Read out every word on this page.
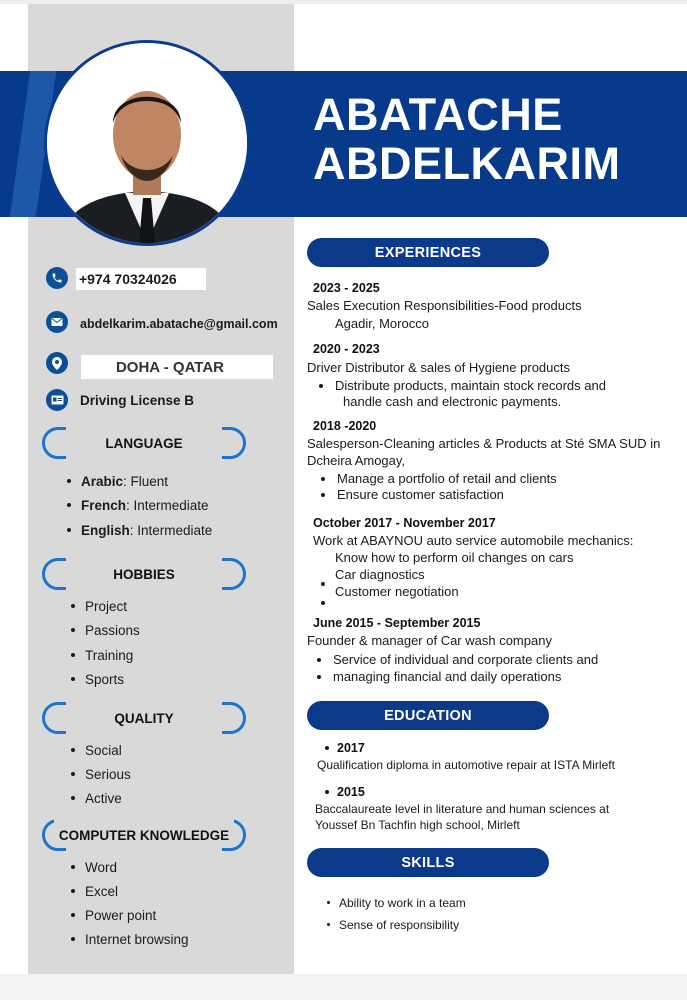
ABATACHE
ABDELKARIM
+974 70324026
abdelkarim.abatache@gmail.com
DOHA - QATAR
Driving License B
LANGUAGE
Arabic: Fluent
French: Intermediate
English: Intermediate
HOBBIES
Project
Passions
Training
Sports
QUALITY
Social
Serious
Active
COMPUTER KNOWLEDGE
Word
Excel
Power point
Internet browsing
EXPERIENCES
2023 - 2025
Sales Execution Responsibilities-Food products
Agadir, Morocco
2020 - 2023
Driver Distributor & sales of Hygiene products
Distribute products, maintain stock records and
handle cash and electronic payments.
2018 -2020
Salesperson-Cleaning articles & Products at Sté SMA SUD in
Dcheira Amogay,
Manage a portfolio of retail and clients
Ensure customer satisfaction
October 2017 - November 2017
Work at ABAYNOU auto service automobile mechanics:
Know how to perform oil changes on cars
Car diagnostics
Customer negotiation
June 2015 - September 2015
Founder & manager of Car wash company
Service of individual and corporate clients and
managing financial and daily operations
EDUCATION
2017
Qualification diploma in automotive repair at ISTA Mirleft
2015
Baccalaureate level in literature and human sciences at
Youssef Bn Tachfin high school, Mirleft
SKILLS
Ability to work in a team
Sense of responsibility
